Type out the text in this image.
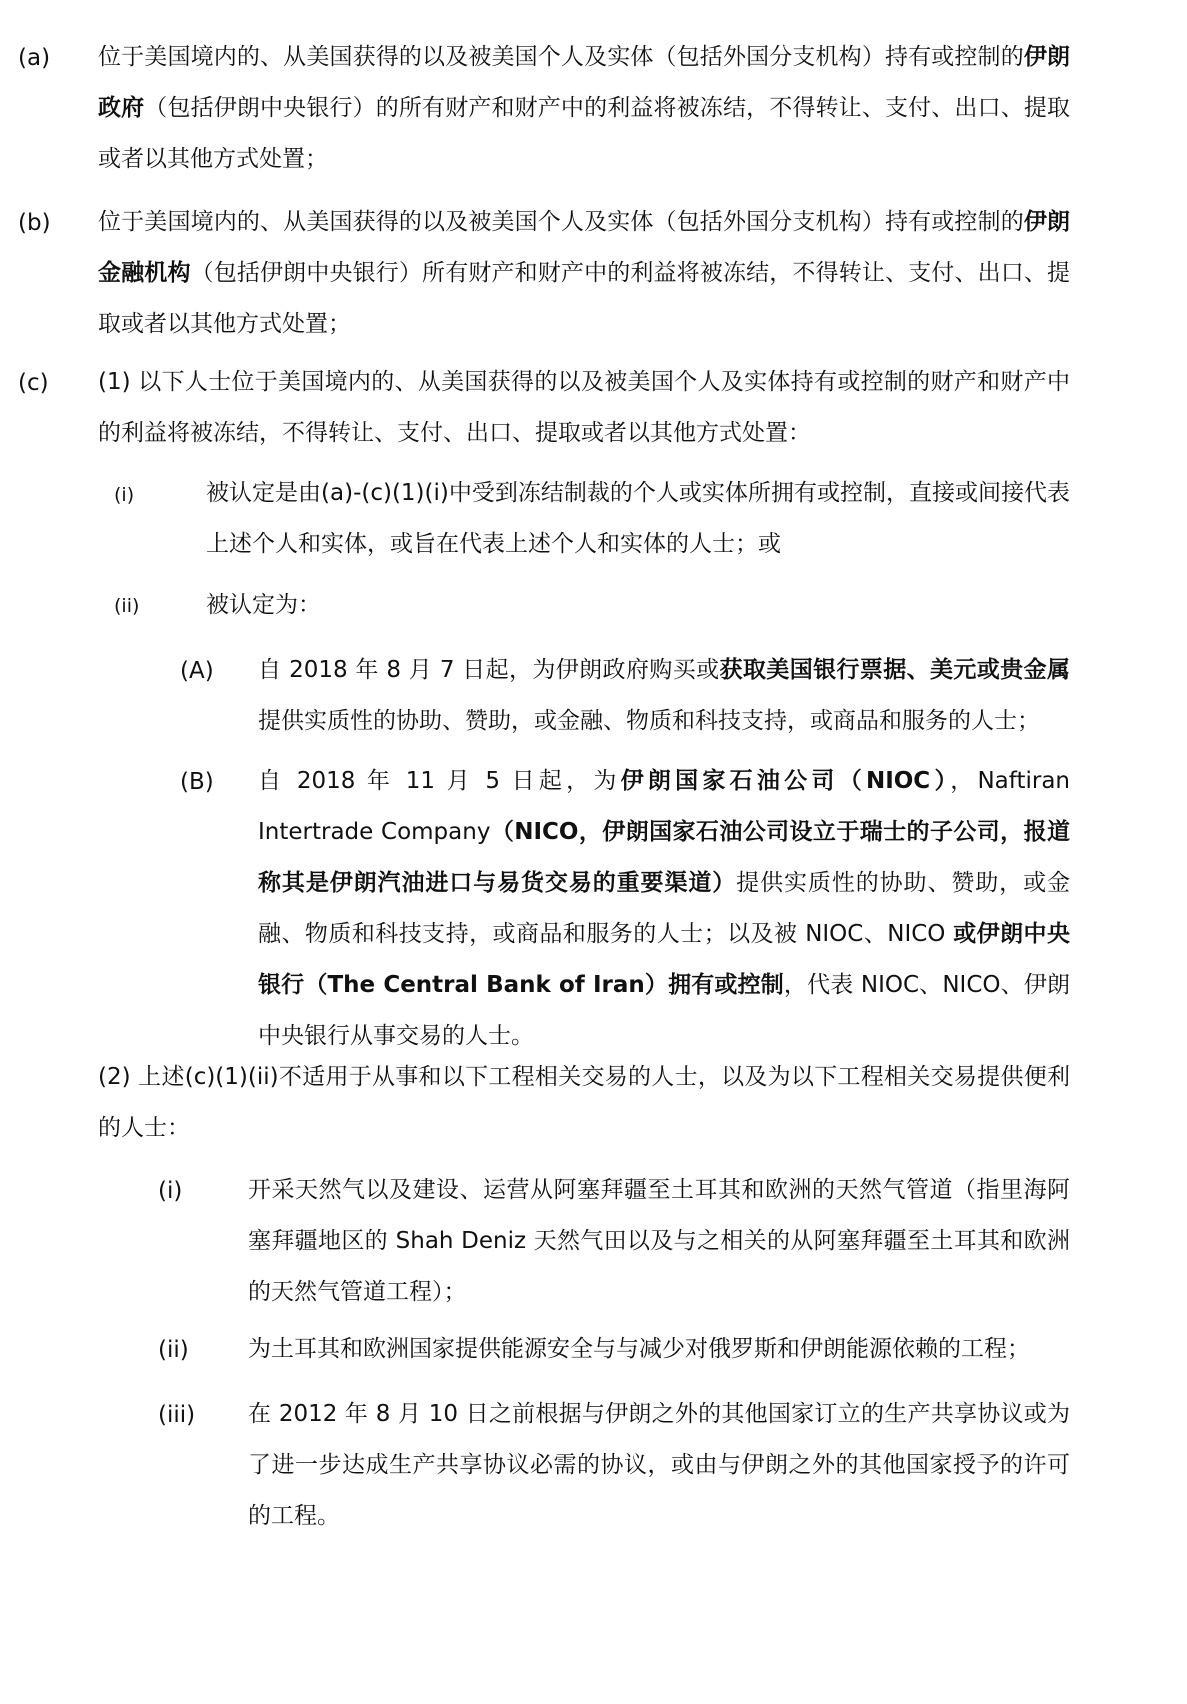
(a) 位于美国境内的、从美国获得的以及被美国个人及实体（包括外国分支机构）持有或控制的伊朗政府（包括伊朗中央银行）的所有财产和财产中的利益将被冻结，不得转让、支付、出口、提取或者以其他方式处置；
(b) 位于美国境内的、从美国获得的以及被美国个人及实体（包括外国分支机构）持有或控制的伊朗金融机构（包括伊朗中央银行）所有财产和财产中的利益将被冻结，不得转让、支付、出口、提取或者以其他方式处置；
(c) (1) 以下人士位于美国境内的、从美国获得的以及被美国个人及实体持有或控制的财产和财产中的利益将被冻结，不得转让、支付、出口、提取或者以其他方式处置：
(i)	被认定是由(a)-(c)(1)(i)中受到冻结制裁的个人或实体所拥有或控制，直接或间接代表上述个人和实体，或旨在代表上述个人和实体的人士；或
(ii)	被认定为：
(A) 自 2018 年 8 月 7 日起，为伊朗政府购买或获取美国银行票据、美元或贵金属提供实质性的协助、赞助，或金融、物质和科技支持，或商品和服务的人士；
(B) 自 2018 年 11 月 5 日起，为伊朗国家石油公司（NIOC），Naftiran Intertrade Company（NICO，伊朗国家石油公司设立于瑞士的子公司，报道称其是伊朗汽油进口与易货交易的重要渠道）提供实质性的协助、赞助，或金融、物质和科技支持，或商品和服务的人士；以及被 NIOC、NICO 或伊朗中央银行（The Central Bank of Iran）拥有或控制，代表 NIOC、NICO、伊朗中央银行从事交易的人士。
(2) 上述(c)(1)(ii)不适用于从事和以下工程相关交易的人士，以及为以下工程相关交易提供便利的人士：
(i)	开采天然气以及建设、运营从阿塞拜疆至土耳其和欧洲的天然气管道（指里海阿塞拜疆地区的 Shah Deniz 天然气田以及与之相关的从阿塞拜疆至土耳其和欧洲的天然气管道工程）；
(ii)	为土耳其和欧洲国家提供能源安全与与减少对俄罗斯和伊朗能源依赖的工程；
(iii) 在 2012 年 8 月 10 日之前根据与伊朗之外的其他国家订立的生产共享协议或为了进一步达成生产共享协议必需的协议，或由与伊朗之外的其他国家授予的许可的工程。
